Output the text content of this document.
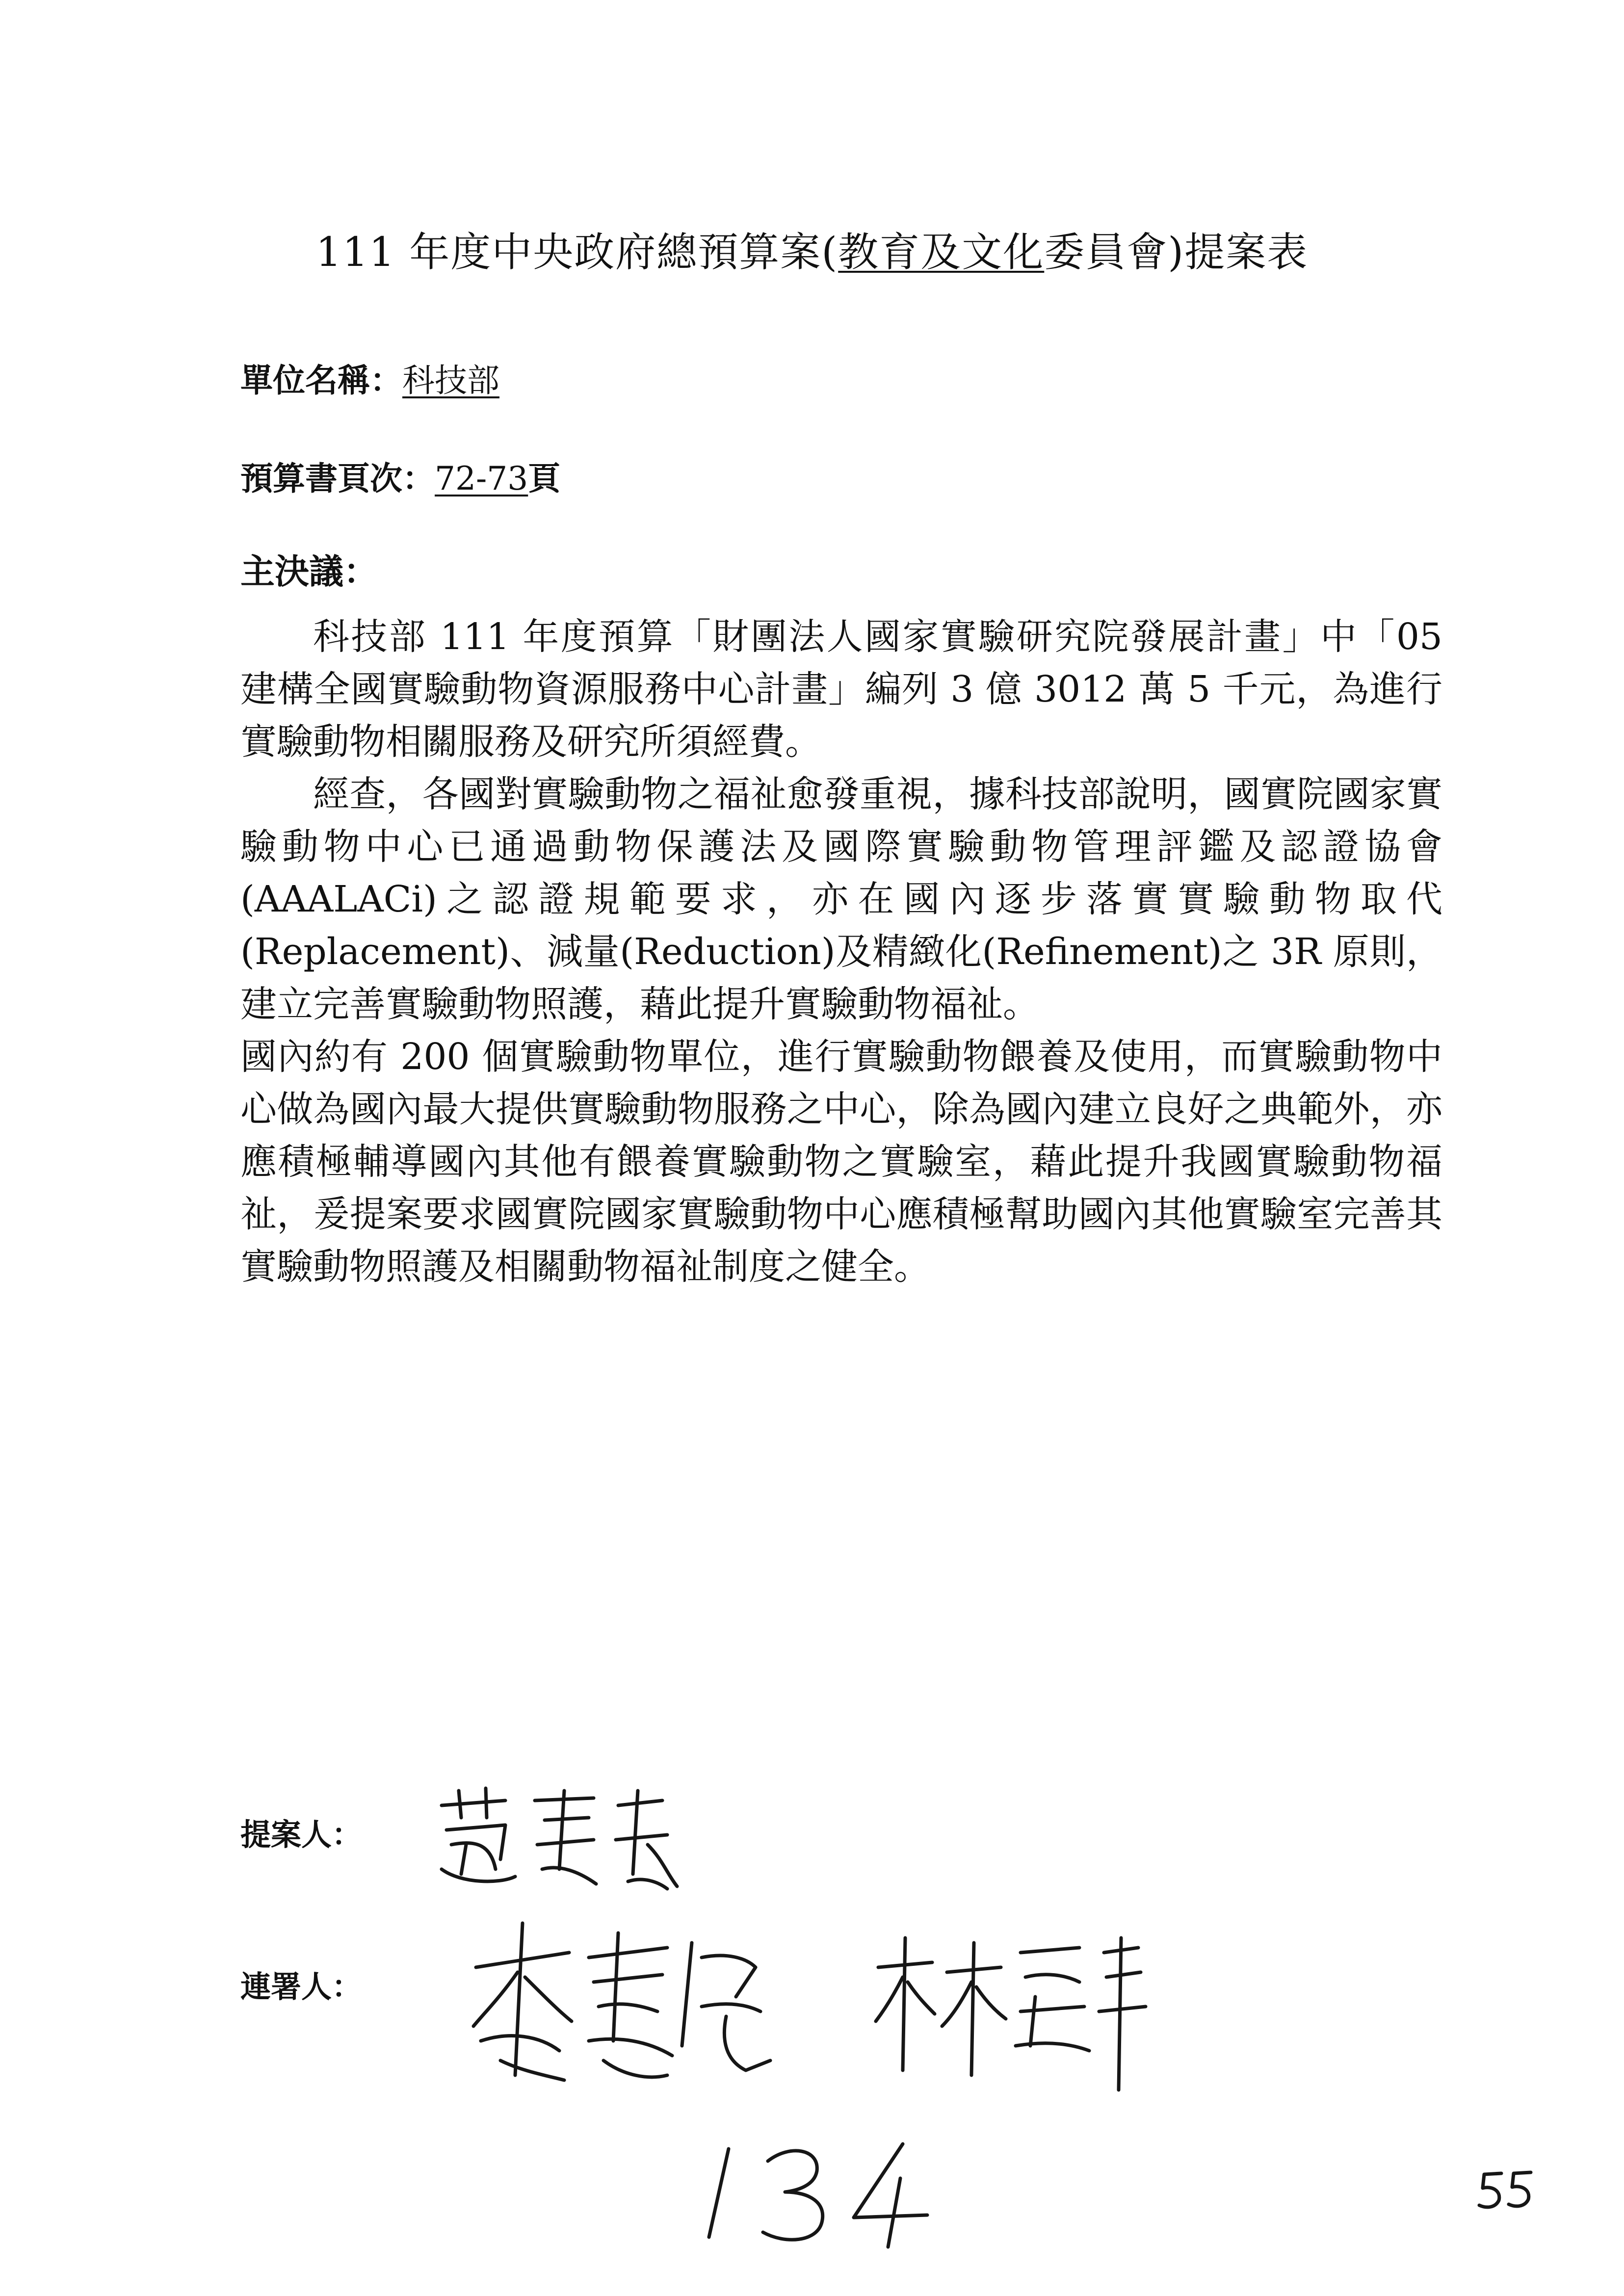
111 年度中央政府總預算案(教育及文化委員會)提案表
單位名稱：科技部
預算書頁次：72-73頁
主決議：

科技部 111 年度預算「財團法人國家實驗研究院發展計畫」中「05 建構全國實驗動物資源服務中心計畫」編列 3 億 3012 萬 5 千元，為進行實驗動物相關服務及研究所須經費。

經查，各國對實驗動物之福祉愈發重視，據科技部說明，國實院國家實驗動物中心已通過動物保護法及國際實驗動物管理評鑑及認證協會(AAALACi)之認證規範要求，亦在國內逐步落實實驗動物取代(Replacement)、減量(Reduction)及精緻化(Refinement)之 3R 原則，建立完善實驗動物照護，藉此提升實驗動物福祉。

國內約有 200 個實驗動物單位，進行實驗動物餵養及使用，而實驗動物中心做為國內最大提供實驗動物服務之中心，除為國內建立良好之典範外，亦應積極輔導國內其他有餵養實驗動物之實驗室，藉此提升我國實驗動物福祉，爰提案要求國實院國家實驗動物中心應積極幫助國內其他實驗室完善其實驗動物照護及相關動物福祉制度之健全。

提案人：
連署人：
